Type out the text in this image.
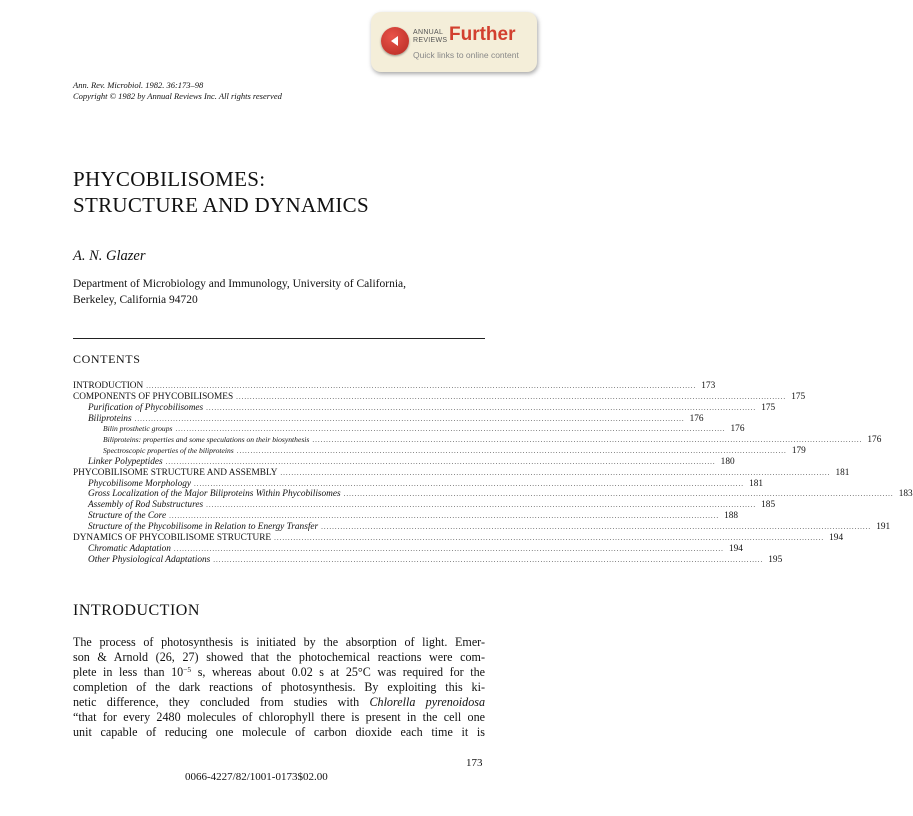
ANNUAL
REVIEWS Further
Quick links to online content
Ann. Rev. Microbiol. 1982. 36:173–98
Copyright © 1982 by Annual Reviews Inc. All rights reserved
PHYCOBILISOMES:
STRUCTURE AND DYNAMICS
A. N. Glazer
Department of Microbiology and Immunology, University of California,
Berkeley, California 94720
CONTENTS
INTRODUCTION ........................................................................................................................................................................................................ 173
COMPONENTS OF PHYCOBILISOMES ........................................................................................................................................................................................................ 175
Purification of Phycobilisomes ........................................................................................................................................................................................................ 175
Biliproteins ........................................................................................................................................................................................................ 176
Bilin prosthetic groups ........................................................................................................................................................................................................ 176
Biliproteins: properties and some speculations on their biosynthesis ........................................................................................................................................................................................................ 176
Spectroscopic properties of the biliproteins ........................................................................................................................................................................................................ 179
Linker Polypeptides ........................................................................................................................................................................................................ 180
PHYCOBILISOME STRUCTURE AND ASSEMBLY ........................................................................................................................................................................................................ 181
Phycobilisome Morphology ........................................................................................................................................................................................................ 181
Gross Localization of the Major Biliproteins Within Phycobilisomes ........................................................................................................................................................................................................ 183
Assembly of Rod Substructures ........................................................................................................................................................................................................ 185
Structure of the Core ........................................................................................................................................................................................................ 188
Structure of the Phycobilisome in Relation to Energy Transfer ........................................................................................................................................................................................................ 191
DYNAMICS OF PHYCOBILISOME STRUCTURE ........................................................................................................................................................................................................ 194
Chromatic Adaptation ........................................................................................................................................................................................................ 194
Other Physiological Adaptations ........................................................................................................................................................................................................ 195
INTRODUCTION
The process of photosynthesis is initiated by the absorption of light. Emer-
son & Arnold (26, 27) showed that the photochemical reactions were com-
plete in less than $10^{-5}$ s, whereas about 0.02 s at 25°C was required for the
completion of the dark reactions of photosynthesis. By exploiting this ki-
netic difference, they concluded from studies with Chlorella pyrenoidosa
“that for every 2480 molecules of chlorophyll there is present in the cell one
unit capable of reducing one molecule of carbon dioxide each time it is
173
0066-4227/82/1001-0173$02.00
